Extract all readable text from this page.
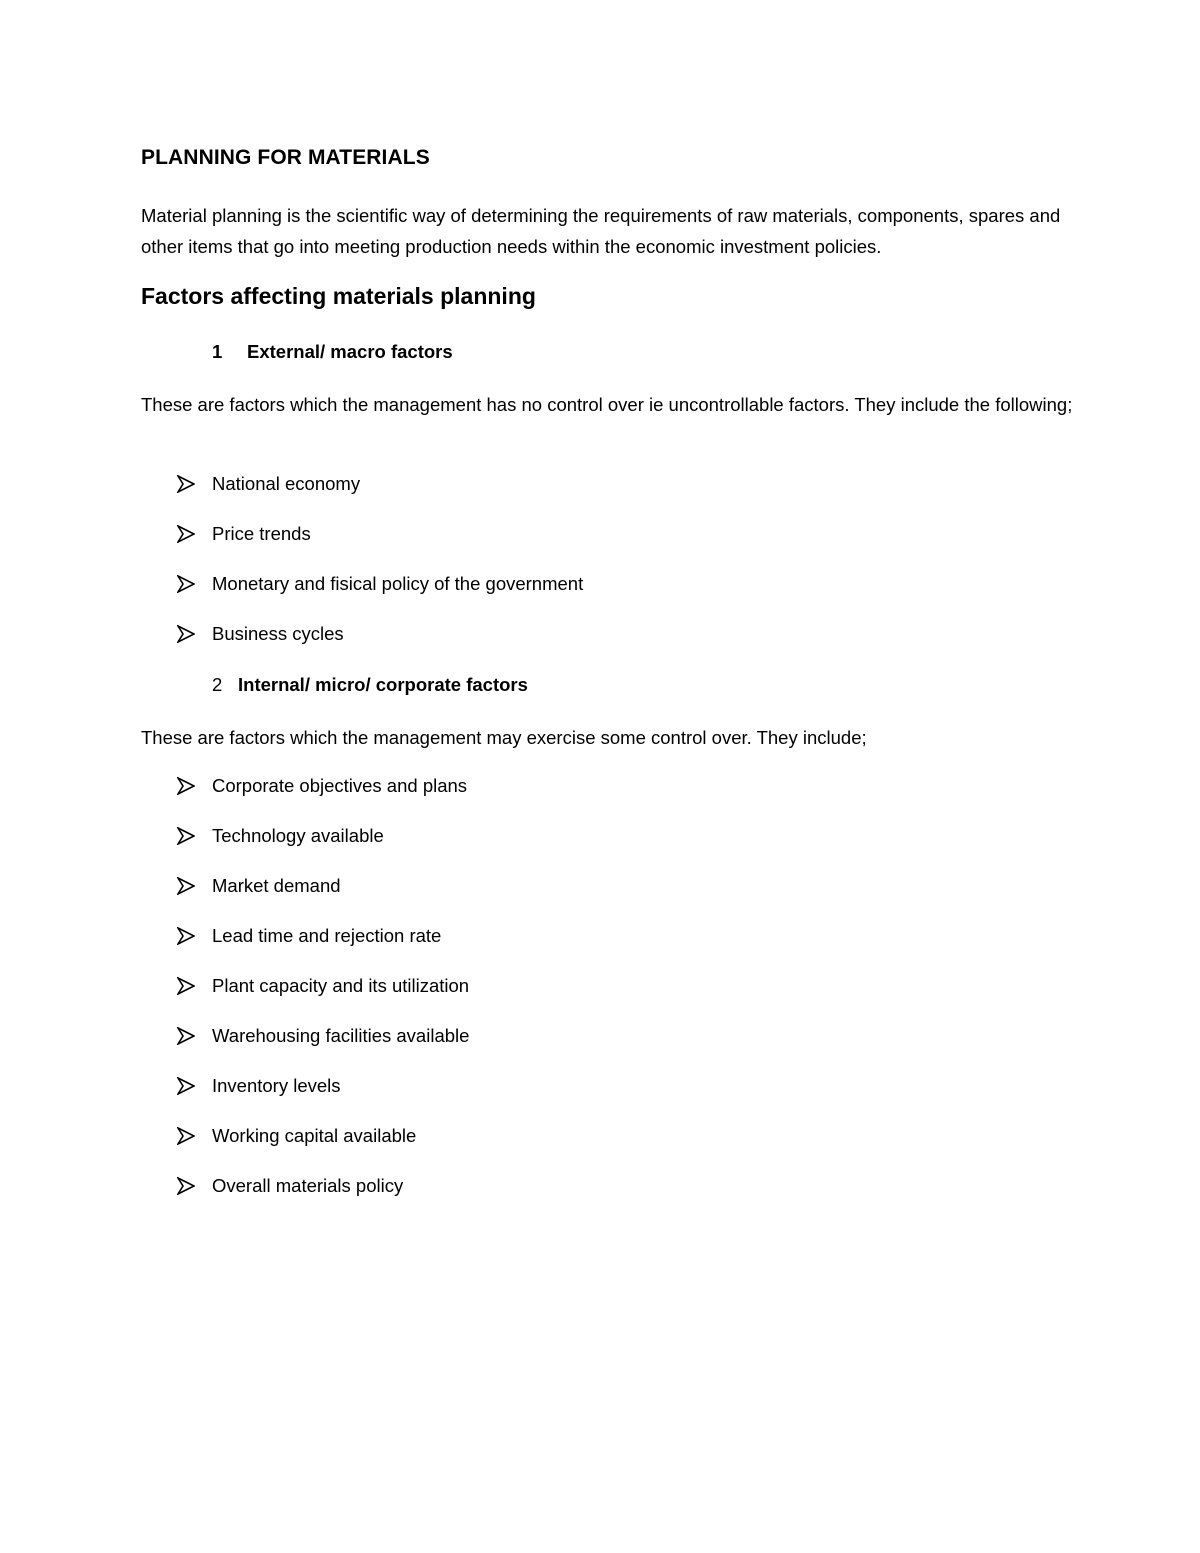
PLANNING FOR MATERIALS
Material planning is the scientific way of determining the requirements of raw materials, components, spares and other items that go into meeting production needs within the economic investment policies.
Factors affecting materials planning
1 External/ macro factors
These are factors which the management has no control over ie uncontrollable factors. They include the following;
National economy
Price trends
Monetary and fisical policy of the government
Business cycles
2 Internal/ micro/ corporate factors
These are factors which the management may exercise some control over. They include;
Corporate objectives and plans
Technology available
Market demand
Lead time and rejection rate
Plant capacity and its utilization
Warehousing facilities available
Inventory levels
Working capital available
Overall materials policy
